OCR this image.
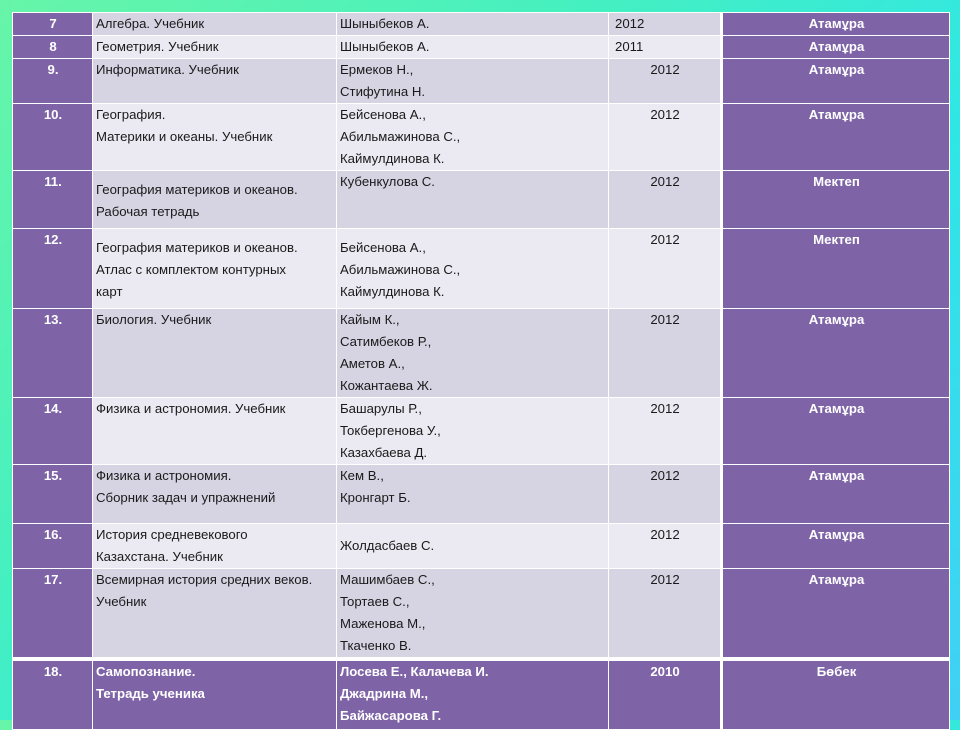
7	Алгебра. Учебник	Шыныбеков А.	2012	Атамұра
8	Геометрия. Учебник	Шыныбеков А.	2011	Атамұра
9.	Информатика. Учебник	Ермеков Н.,
Стифутина Н.	2012	Атамұра
10.	География.
Материки и океаны. Учебник	Бейсенова А.,
Абильмажинова С.,
Каймулдинова К.	2012	Атамұра
11.	География материков и океанов.
Рабочая тетрадь	Кубенкулова С.	2012	Мектеп
12.	География материков и океанов.
Атлас с комплектом контурных
карт	Бейсенова А.,
Абильмажинова С.,
Каймулдинова К.	2012	Мектеп
13.	Биология. Учебник	Кайым К.,
Сатимбеков Р.,
Аметов А.,
Кожантаева Ж.	2012	Атамұра
14.	Физика и астрономия. Учебник	Башарулы Р.,
Токбергенова У.,
Казахбаева Д.	2012	Атамұра
15.	Физика и астрономия.
Сборник задач и упражнений	Кем В.,
Кронгарт Б.	2012	Атамұра
16.	История средневекового
Казахстана. Учебник	Жолдасбаев С.	2012	Атамұра
17.	Всемирная история средних веков.
Учебник	Машимбаев С.,
Тортаев С.,
Маженова М.,
Ткаченко В.	2012	Атамұра
18.	Самопознание.
Тетрадь ученика	Лосева Е., Калачева И.
Джадрина М.,
Байжасарова Г.	2010	Бөбек
